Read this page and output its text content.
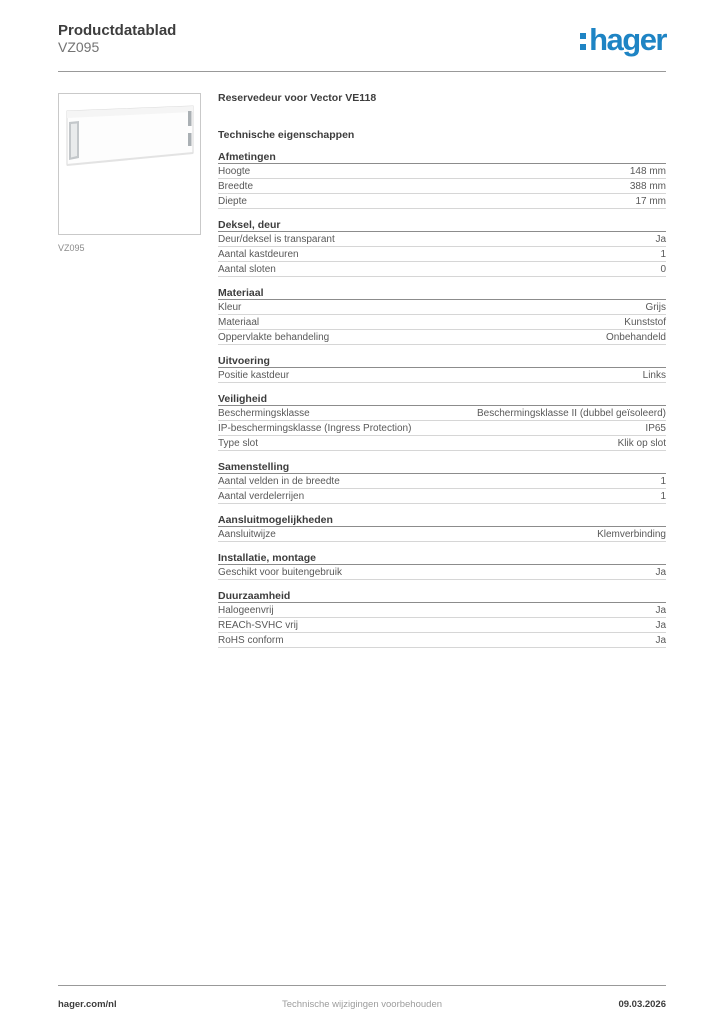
Productdatablad
VZ095	hager
VZ095
Reservedeur voor Vector VE118
Technische eigenschappen
Afmetingen
Hoogte	148 mm
Breedte	388 mm
Diepte	17 mm
Deksel, deur
Deur/deksel is transparant	Ja
Aantal kastdeuren	1
Aantal sloten	0
Materiaal
Kleur	Grijs
Materiaal	Kunststof
Oppervlakte behandeling	Onbehandeld
Uitvoering
Positie kastdeur	Links
Veiligheid
Beschermingsklasse	Beschermingsklasse II (dubbel geïsoleerd)
IP-beschermingsklasse (Ingress Protection)	IP65
Type slot	Klik op slot
Samenstelling
Aantal velden in de breedte	1
Aantal verdelerrijen	1
Aansluitmogelijkheden
Aansluitwijze	Klemverbinding
Installatie, montage
Geschikt voor buitengebruik	Ja
Duurzaamheid
Halogeenvrij	Ja
REACh-SVHC vrij	Ja
RoHS conform	Ja
hager.com/nl	Technische wijzigingen voorbehouden	09.03.2026
